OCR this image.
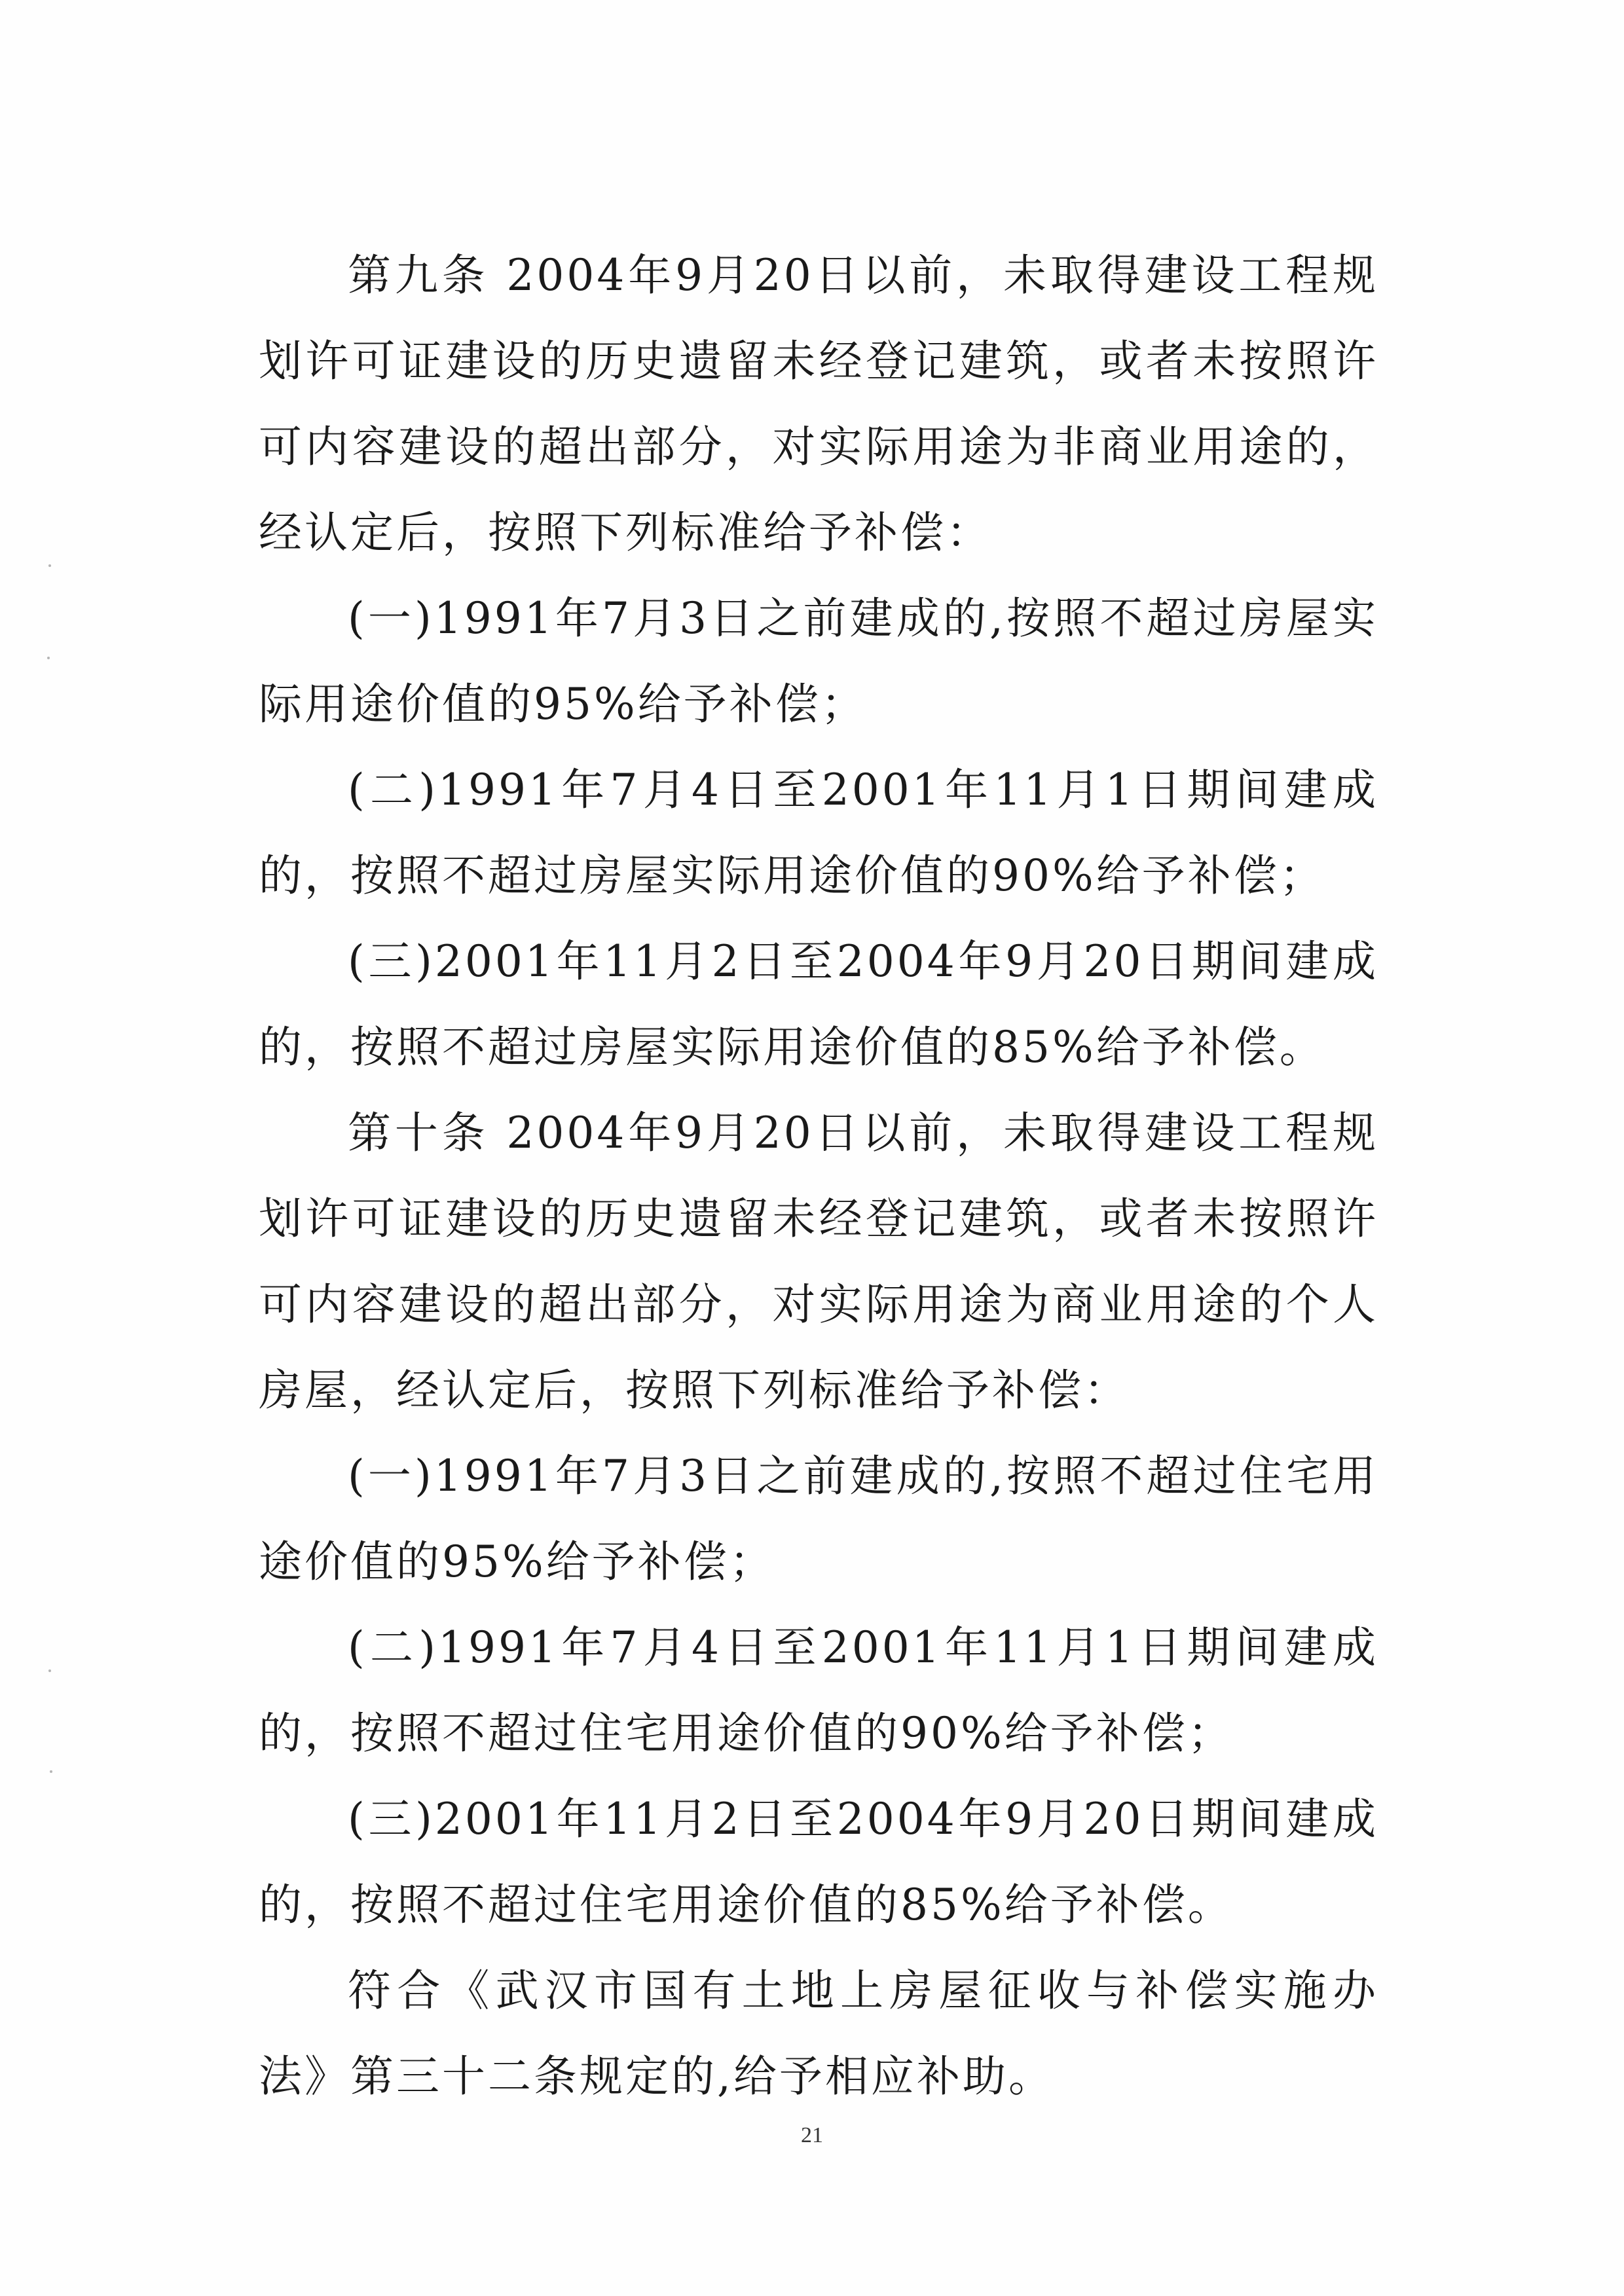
第九条 2004年9月20日以前，未取得建设工程规划许可证建设的历史遗留未经登记建筑，或者未按照许可内容建设的超出部分，对实际用途为非商业用途的，经认定后，按照下列标准给予补偿：

(一)1991年7月3日之前建成的,按照不超过房屋实际用途价值的95%给予补偿；

(二)1991年7月4日至2001年11月1日期间建成的，按照不超过房屋实际用途价值的90%给予补偿；

(三)2001年11月2日至2004年9月20日期间建成的，按照不超过房屋实际用途价值的85%给予补偿。

第十条 2004年9月20日以前，未取得建设工程规划许可证建设的历史遗留未经登记建筑，或者未按照许可内容建设的超出部分，对实际用途为商业用途的个人房屋，经认定后，按照下列标准给予补偿：

(一)1991年7月3日之前建成的,按照不超过住宅用途价值的95%给予补偿；

(二)1991年7月4日至2001年11月1日期间建成的，按照不超过住宅用途价值的90%给予补偿；

(三)2001年11月2日至2004年9月20日期间建成的，按照不超过住宅用途价值的85%给予补偿。

符合《武汉市国有土地上房屋征收与补偿实施办法》第三十二条规定的,给予相应补助。

21
